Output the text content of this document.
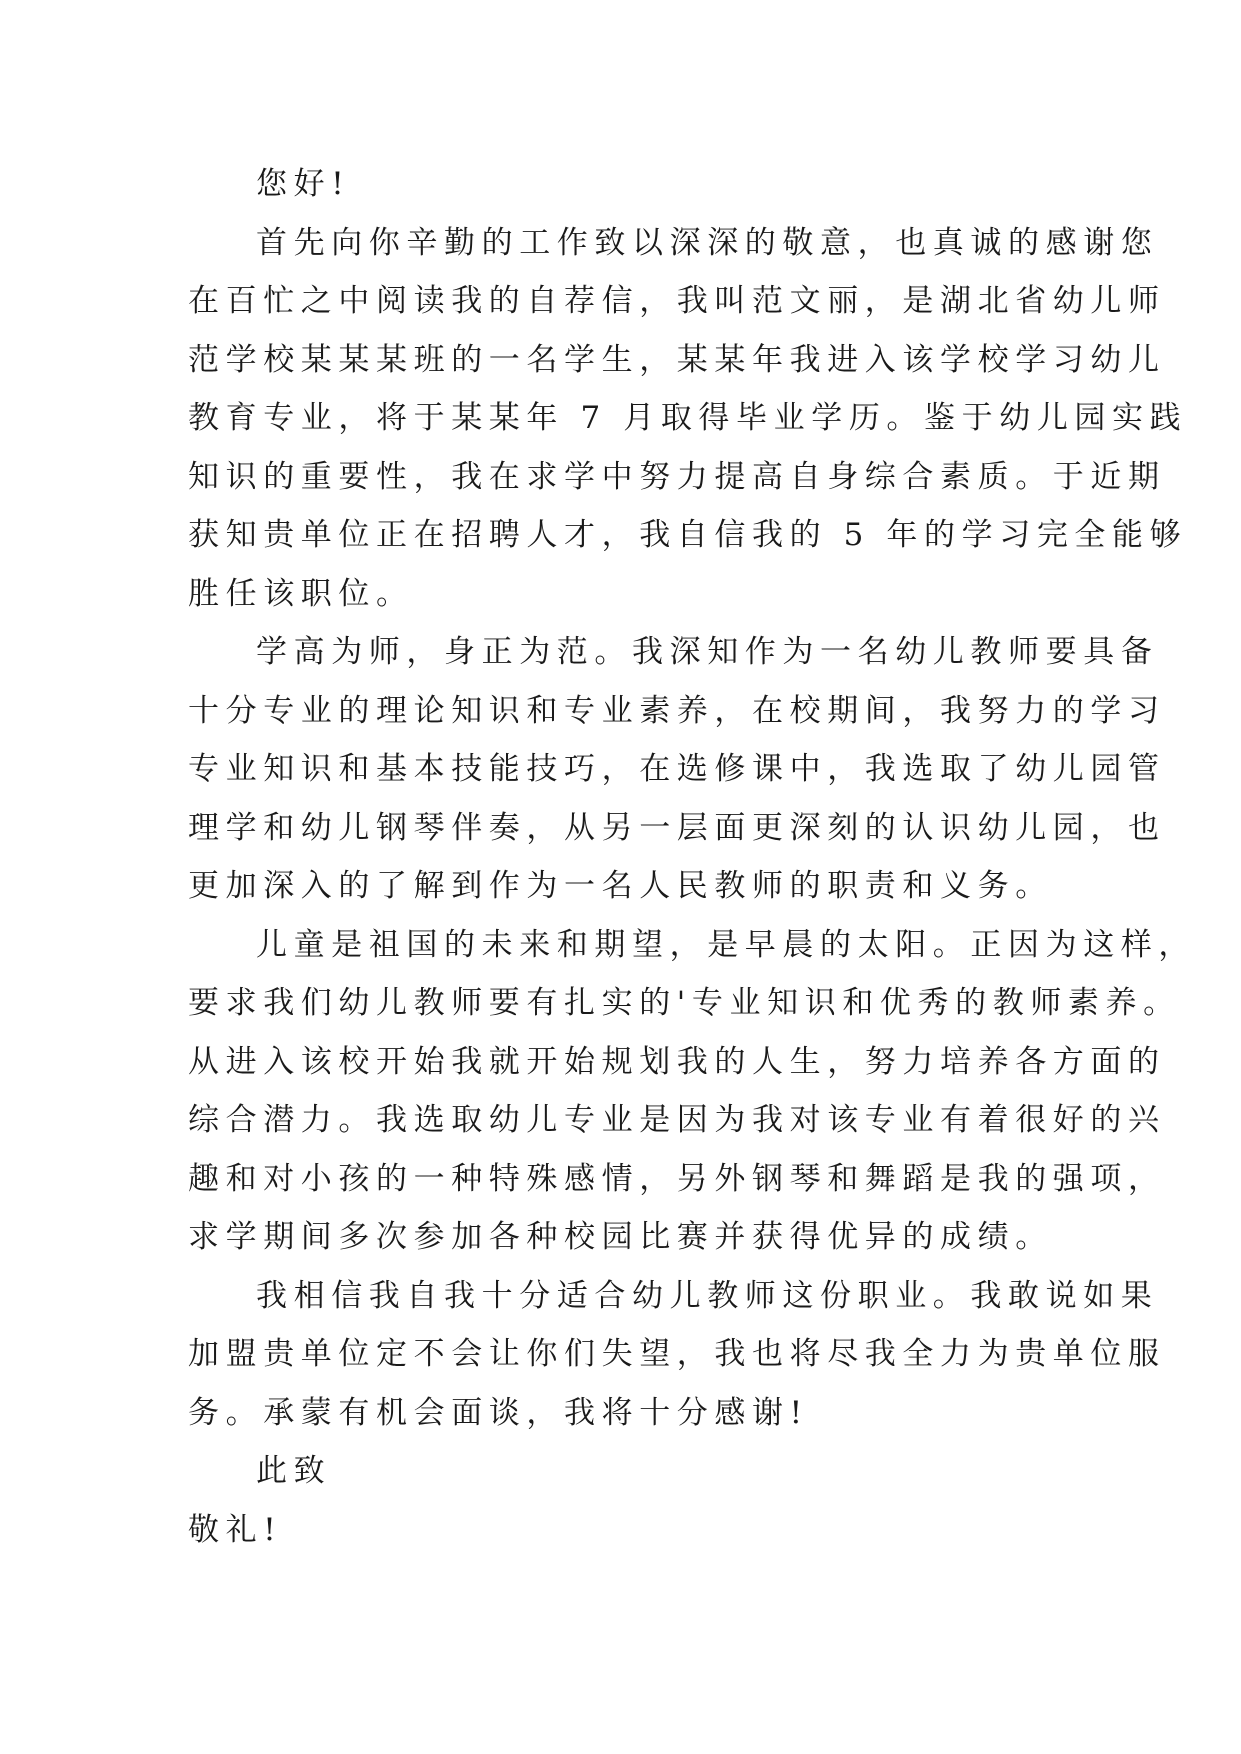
您好!

首先向你辛勤的工作致以深深的敬意，也真诚的感谢您

在百忙之中阅读我的自荐信，我叫范文丽，是湖北省幼儿师

范学校某某某班的一名学生，某某年我进入该学校学习幼儿

教育专业，将于某某年 7 月取得毕业学历。鉴于幼儿园实践

知识的重要性，我在求学中努力提高自身综合素质。于近期

获知贵单位正在招聘人才，我自信我的 5 年的学习完全能够

胜任该职位。

学高为师，身正为范。我深知作为一名幼儿教师要具备

十分专业的理论知识和专业素养，在校期间，我努力的学习

专业知识和基本技能技巧，在选修课中，我选取了幼儿园管

理学和幼儿钢琴伴奏，从另一层面更深刻的认识幼儿园，也

更加深入的了解到作为一名人民教师的职责和义务。

儿童是祖国的未来和期望，是早晨的太阳。正因为这样，

要求我们幼儿教师要有扎实的'专业知识和优秀的教师素养。

从进入该校开始我就开始规划我的人生，努力培养各方面的

综合潜力。我选取幼儿专业是因为我对该专业有着很好的兴

趣和对小孩的一种特殊感情，另外钢琴和舞蹈是我的强项，

求学期间多次参加各种校园比赛并获得优异的成绩。

我相信我自我十分适合幼儿教师这份职业。我敢说如果

加盟贵单位定不会让你们失望，我也将尽我全力为贵单位服

务。承蒙有机会面谈，我将十分感谢!

此致

敬礼!
